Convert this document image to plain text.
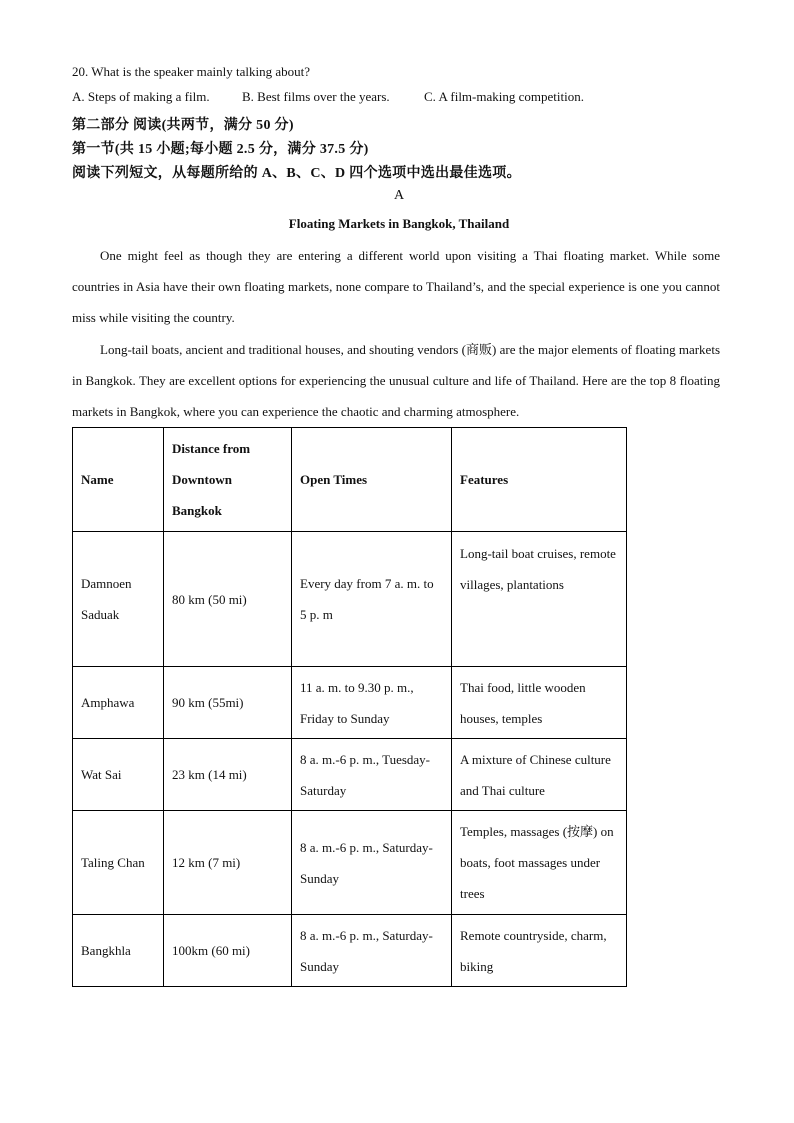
20. What is the speaker mainly talking about?
A. Steps of making a film. B. Best films over the years.	C. A film-making competition.
第二部分 阅读(共两节，满分 50 分)
第一节(共 15 小题;每小题 2.5 分，满分 37.5 分)
阅读下列短文，从每题所给的 A、B、C、D 四个选项中选出最佳选项。
A
Floating Markets in Bangkok, Thailand
One might feel as though they are entering a different world upon visiting a Thai floating market. While some countries in Asia have their own floating markets, none compare to Thailand’s, and the special experience is one you cannot miss while visiting the country.
Long-tail boats, ancient and traditional houses, and shouting vendors (商贩) are the major elements of floating markets in Bangkok. They are excellent options for experiencing the unusual culture and life of Thailand. Here are the top 8 floating markets in Bangkok, where you can experience the chaotic and charming atmosphere.
Name	Distance from Downtown Bangkok	Open Times	Features
Damnoen Saduak	80 km (50 mi)	Every day from 7 a. m. to 5 p. m	Long-tail boat cruises, remote villages, plantations
Amphawa	90 km (55mi)	11 a. m. to 9.30 p. m., Friday to Sunday	Thai food, little wooden houses, temples
Wat Sai	23 km (14 mi)	8 a. m.-6 p. m., Tuesday-Saturday	A mixture of Chinese culture and Thai culture
Taling Chan	12 km (7 mi)	8 a. m.-6 p. m., Saturday-Sunday	Temples, massages (按摩) on boats, foot massages under trees
Bangkhla	100km (60 mi)	8 a. m.-6 p. m., Saturday-Sunday	Remote countryside, charm, biking
